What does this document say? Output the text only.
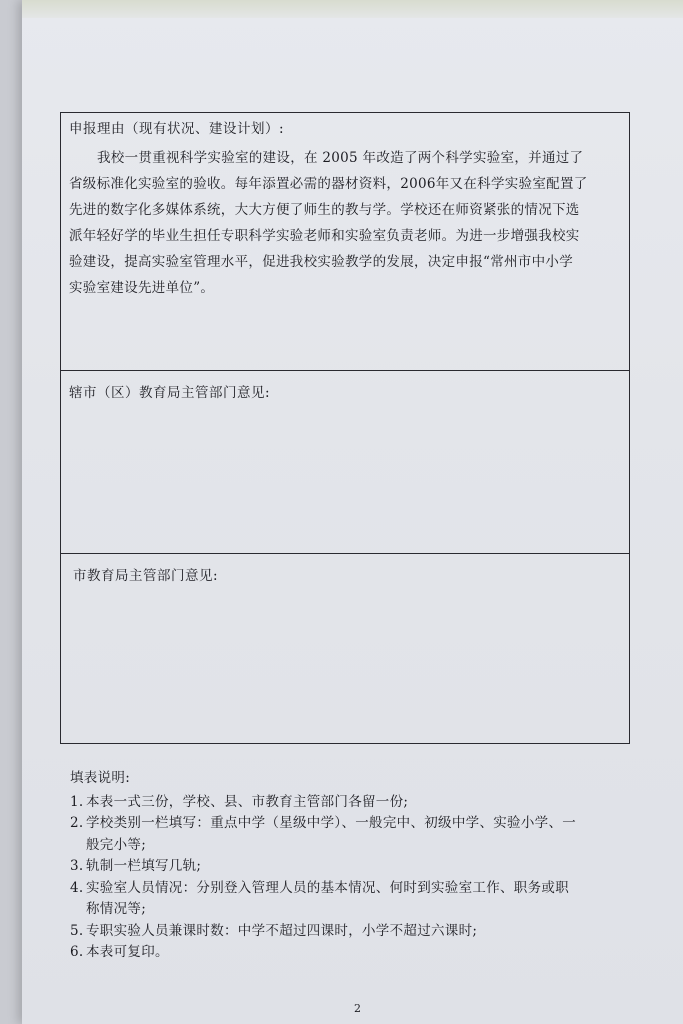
申报理由（现有状况、建设计划）:

我校一贯重视科学实验室的建设，在 2005 年改造了两个科学实验室，并通过了

省级标准化实验室的验收。每年添置必需的器材资料，2006年又在科学实验室配置了

先进的数字化多媒体系统，大大方便了师生的教与学。学校还在师资紧张的情况下选

派年轻好学的毕业生担任专职科学实验老师和实验室负责老师。为进一步增强我校实

验建设，提高实验室管理水平，促进我校实验教学的发展，决定申报“常州市中小学

实验室建设先进单位”。

辖市（区）教育局主管部门意见:
市教育局主管部门意见:
填表说明:
1. 本表一式三份，学校、县、市教育主管部门各留一份;
2. 学校类别一栏填写：重点中学（星级中学）、一般完中、初级中学、实验小学、一
般完小等;
3. 轨制一栏填写几轨;
4. 实验室人员情况：分别登入管理人员的基本情况、何时到实验室工作、职务或职
称情况等;
5. 专职实验人员兼课时数：中学不超过四课时，小学不超过六课时;
6. 本表可复印。
2
